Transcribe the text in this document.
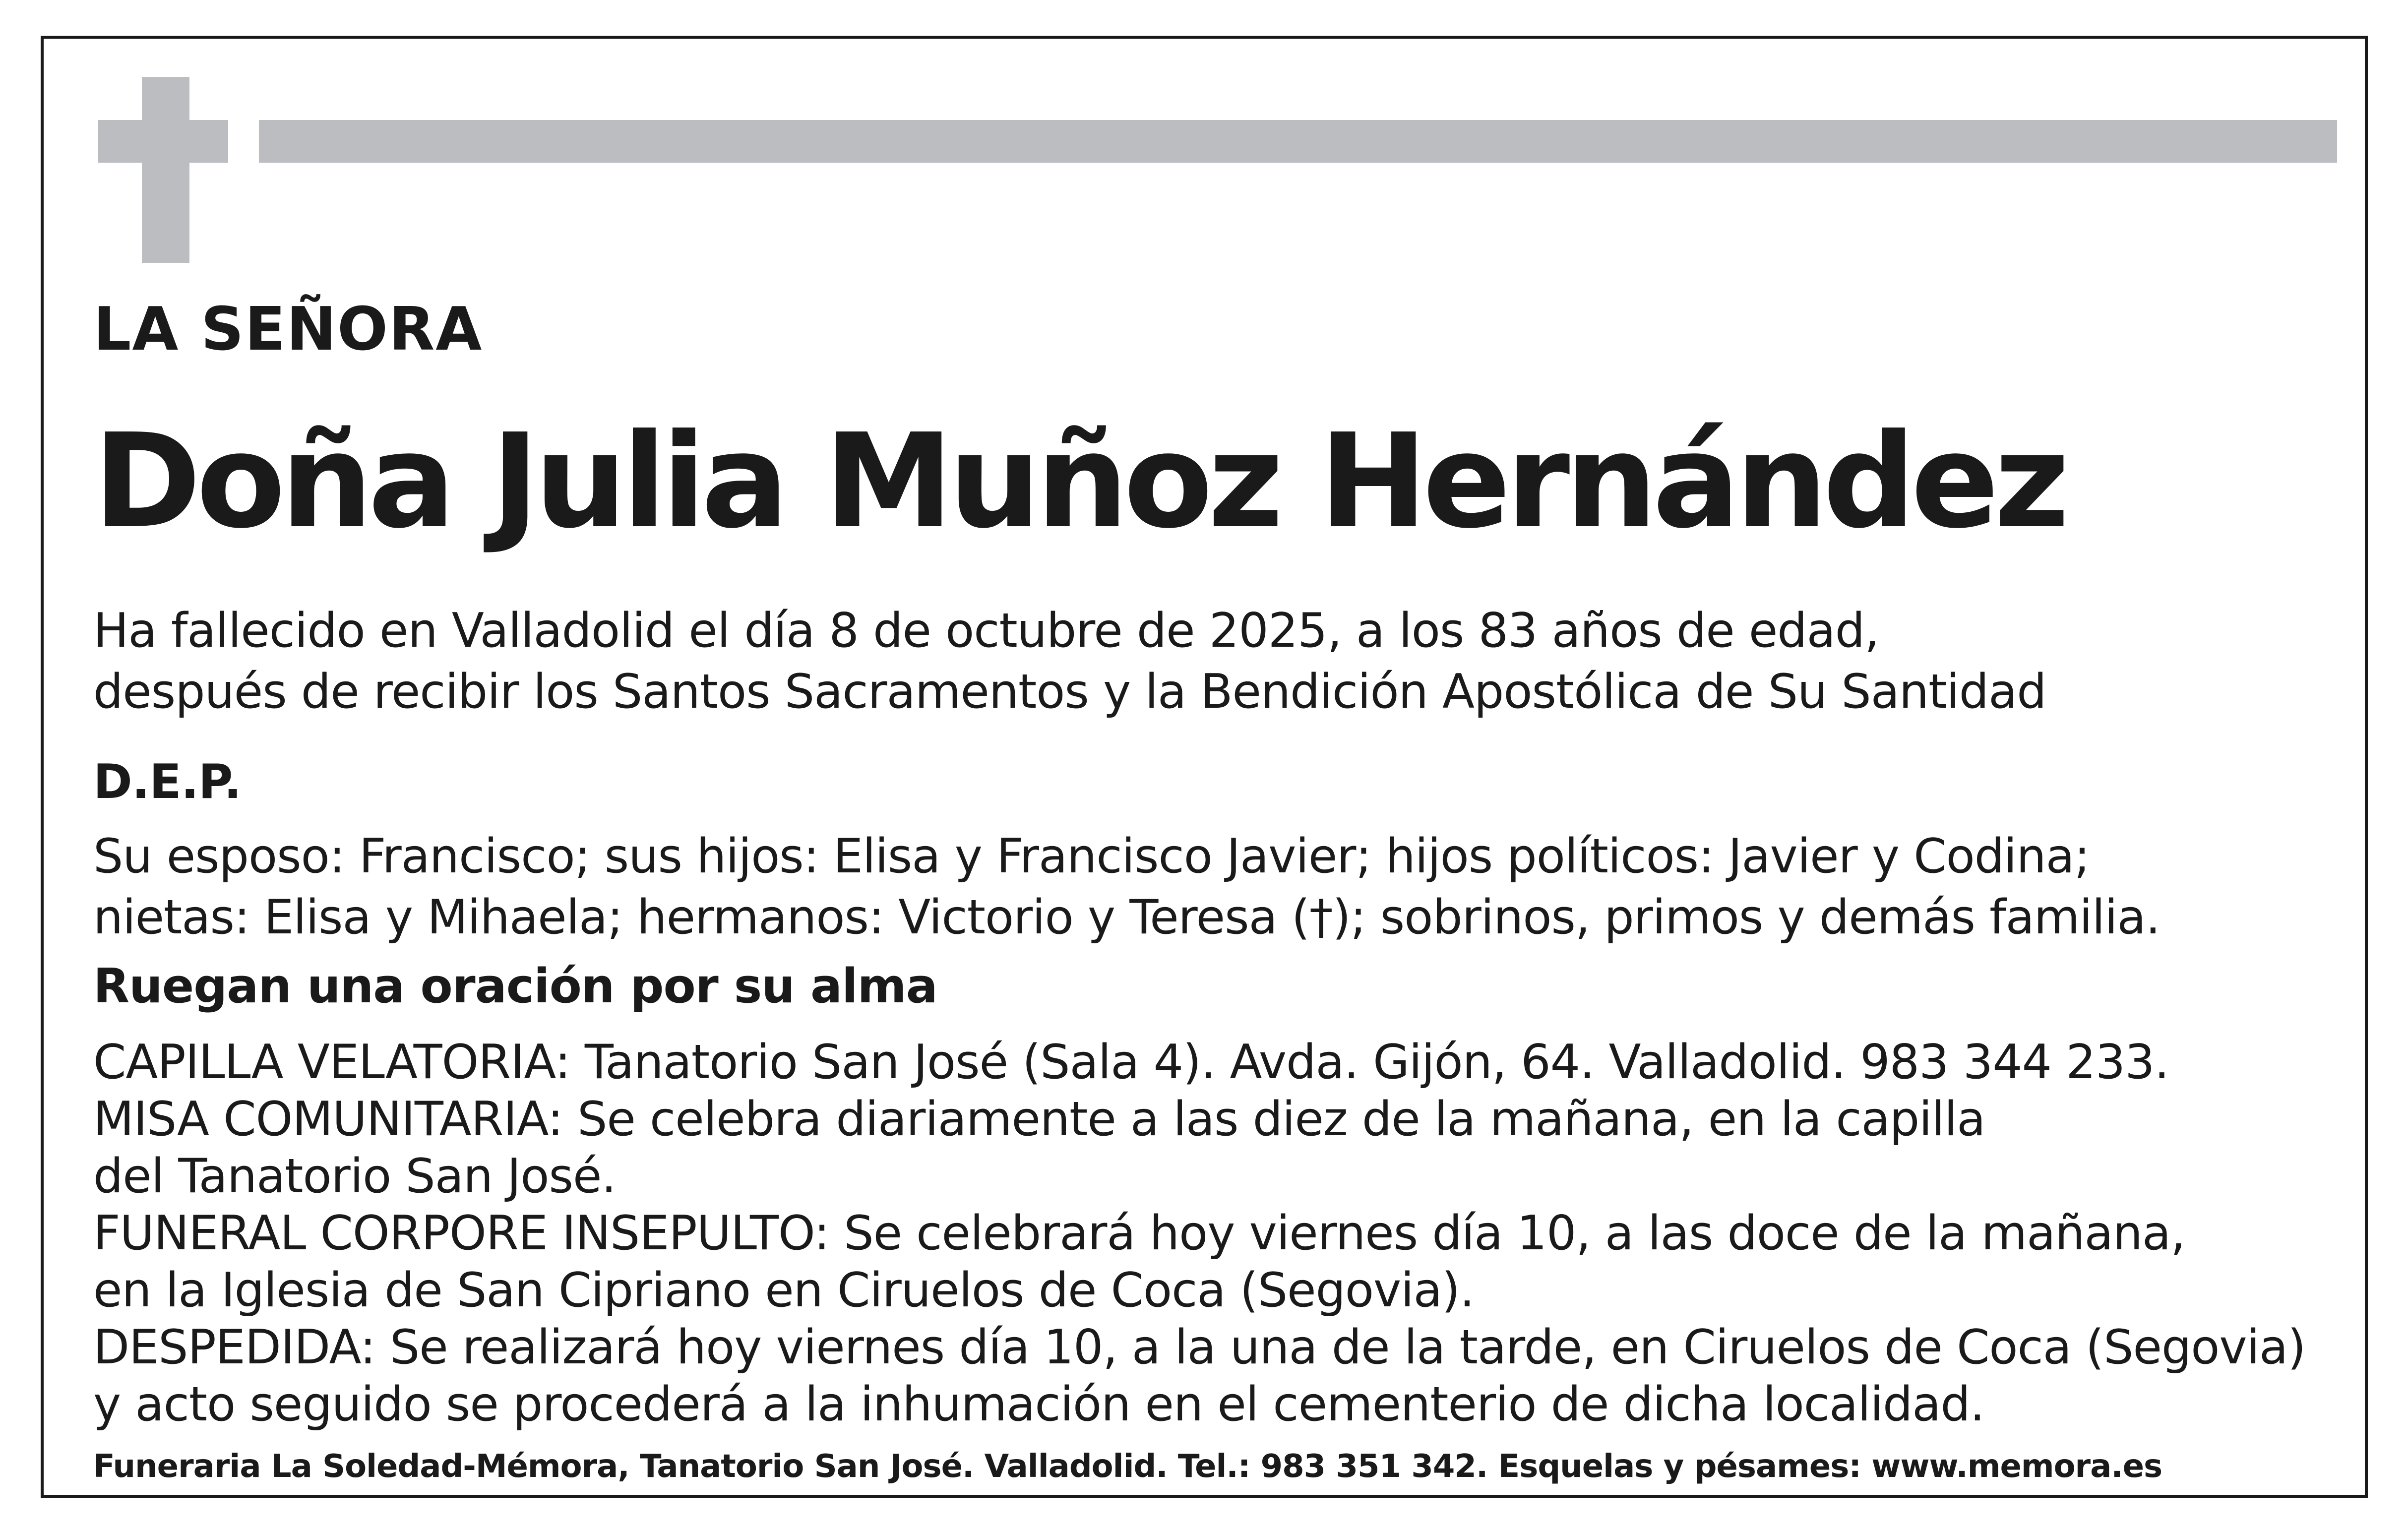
LA SEÑORA

Doña Julia Muñoz Hernández

Ha fallecido en Valladolid el día 8 de octubre de 2025, a los 83 años de edad,

después de recibir los Santos Sacramentos y la Bendición Apostólica de Su Santidad

D.E.P.

Su esposo: Francisco; sus hijos: Elisa y Francisco Javier; hijos políticos: Javier y Codina;

nietas: Elisa y Mihaela; hermanos: Victorio y Teresa (†); sobrinos, primos y demás familia.

Ruegan una oración por su alma

CAPILLA VELATORIA: Tanatorio San José (Sala 4). Avda. Gijón, 64. Valladolid. 983 344 233.

MISA COMUNITARIA: Se celebra diariamente a las diez de la mañana, en la capilla

del Tanatorio San José.

FUNERAL CORPORE INSEPULTO: Se celebrará hoy viernes día 10, a las doce de la mañana,

en la Iglesia de San Cipriano en Ciruelos de Coca (Segovia).

DESPEDIDA: Se realizará hoy viernes día 10, a la una de la tarde, en Ciruelos de Coca (Segovia)

y acto seguido se procederá a la inhumación en el cementerio de dicha localidad.

Funeraria La Soledad-Mémora, Tanatorio San José. Valladolid. Tel.: 983 351 342. Esquelas y pésames: www.memora.es
